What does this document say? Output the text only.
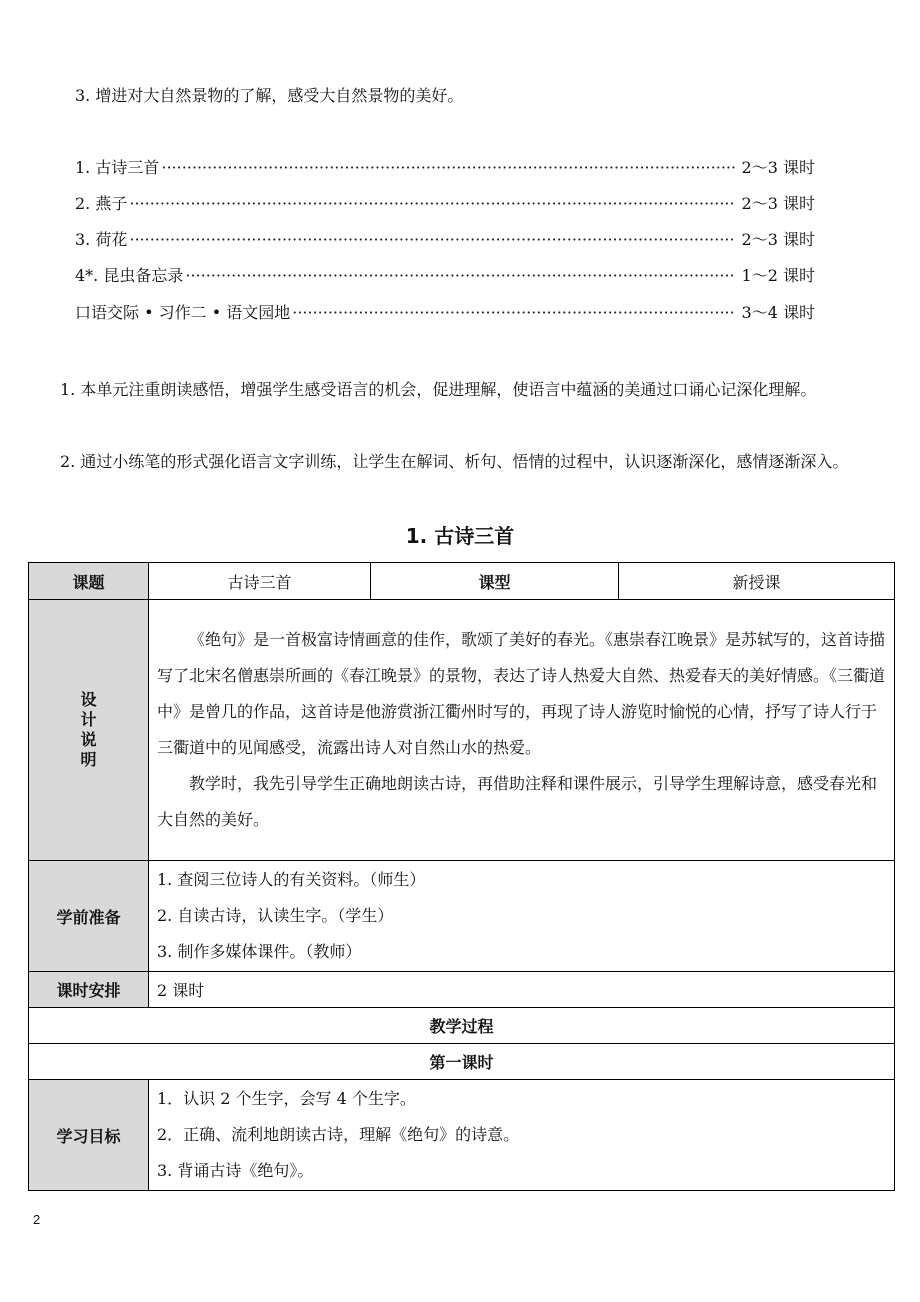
3. 增进对大自然景物的了解，感受大自然景物的美好。

1. 古诗三首 ·····	2～3 课时
2. 燕子 ·····	2～3 课时
3. 荷花 ·····	2～3 课时
4*. 昆虫备忘录 ·····	1～2 课时
口语交际 • 习作二 • 语文园地 ·····	3～4 课时

1. 本单元注重朗读感悟，增强学生感受语言的机会，促进理解，使语言中蕴涵的美通过口诵心记深化理解。

2. 通过小练笔的形式强化语言文字训练，让学生在解词、析句、悟情的过程中，认识逐渐深化，感情逐渐深入。

1. 古诗三首
课题	古诗三首	课型	新授课
设计说明	《绝句》是一首极富诗情画意的佳作，歌颂了美好的春光。《惠崇春江晚景》是苏轼写的，这首诗描写了北宋名僧惠崇所画的《春江晚景》的景物，表达了诗人热爱大自然、热爱春天的美好情感。《三衢道中》是曾几的作品，这首诗是他游赏浙江衢州时写的，再现了诗人游览时愉悦的心情，抒写了诗人行于三衢道中的见闻感受，流露出诗人对自然山水的热爱。
教学时，我先引导学生正确地朗读古诗，再借助注释和课件展示，引导学生理解诗意，感受春光和大自然的美好。		

学前准备	1. 查阅三位诗人的有关资料。（师生）
2. 自读古诗，认读生字。（学生）
3. 制作多媒体课件。（教师）		

课时安排	2 课时		
教学过程			
第一课时			
学习目标	1．认识 2 个生字，会写 4 个生字。
2．正确、流利地朗读古诗，理解《绝句》的诗意。
3. 背诵古诗《绝句》。		
2
